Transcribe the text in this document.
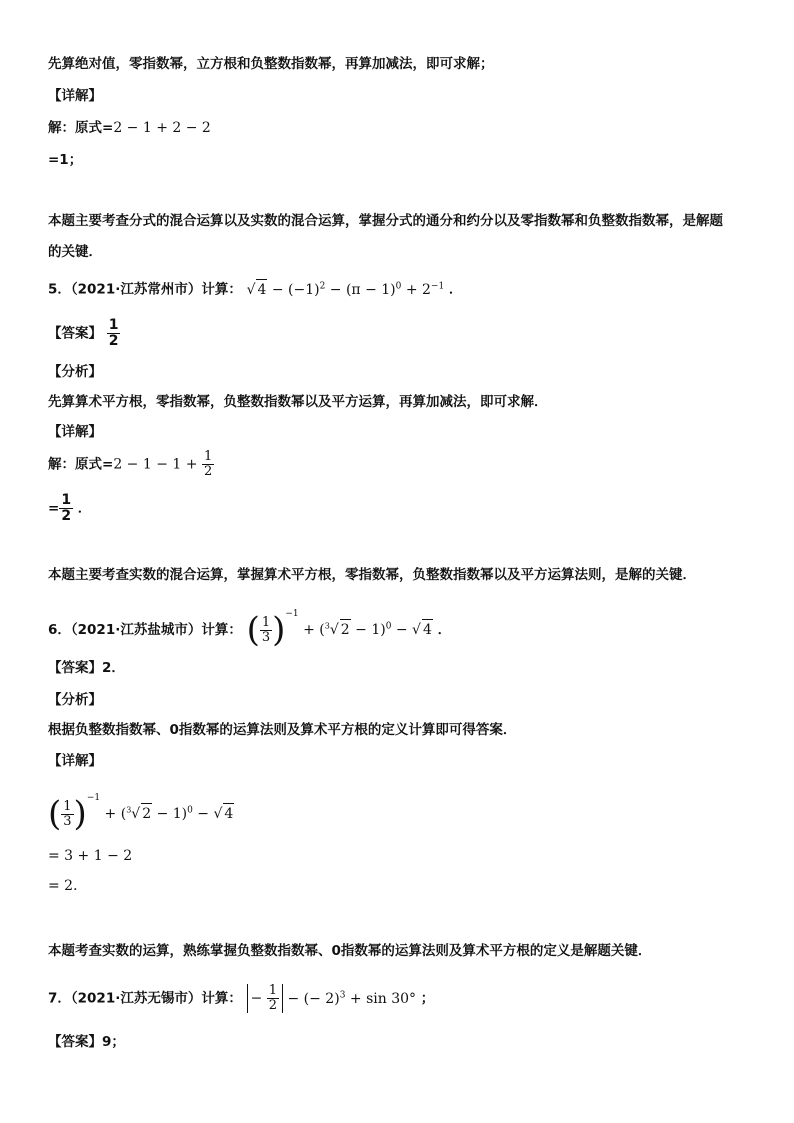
先算绝对值，零指数幂，立方根和负整数指数幂，再算加减法，即可求解；
【详解】
解：原式=2 − 1 + 2 − 2
=1；
本题主要考查分式的混合运算以及实数的混合运算，掌握分式的通分和约分以及零指数幂和负整数指数幂，是解题
的关键．
5．（2021·江苏常州市）计算： √ $4 - (-1)^2 - (\pi - 1)^0 + 2^{-1}$ ．
【答案】 $\frac{1}{2}$
【分析】
先算算术平方根，零指数幂，负整数指数幂以及平方运算，再算加减法，即可求解．
【详解】
解：原式$=2 - 1 - 1 + \frac{1}{2}$
= $\frac{1}{2}$ ．
本题主要考查实数的混合运算，掌握算术平方根，零指数幂，负整数指数幂以及平方运算法则，是解的关键．
6．（2021·江苏盐城市）计算： ( $\frac{1}{3} )^{-1} + (^3√$ 2 − 1)$^0$ − √ 4 ．
【答案】2．
【分析】
根据负整数指数幂、0指数幂的运算法则及算术平方根的定义计算即可得答案．
【详解】
( $\frac{1}{3} )^{-1} + (^3√$ 2 − 1)$^0$ − √ 4
= 3 + 1 − 2
= 2．
本题考查实数的运算，熟练掌握负整数指数幂、0指数幂的运算法则及算术平方根的定义是解题关键．
7．（2021·江苏无锡市）计算： − $\frac{1}{2}$ − (− 2)$^3$ + sin 30° ；
【答案】9；
